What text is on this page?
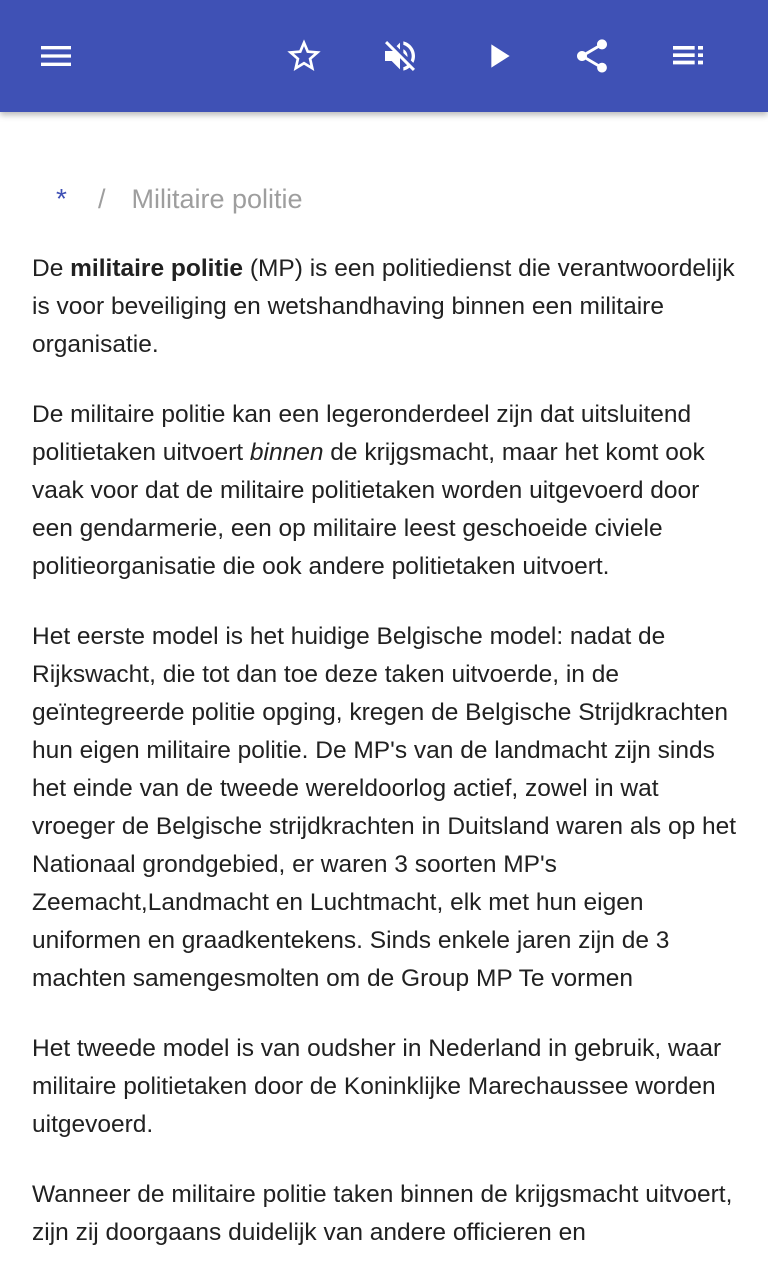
* / Militaire politie

De militaire politie (MP) is een politiedienst die verantwoordelijk is voor beveiliging en wetshandhaving binnen een militaire organisatie.

De militaire politie kan een legeronderdeel zijn dat uitsluitend politietaken uitvoert binnen de krijgsmacht, maar het komt ook vaak voor dat de militaire politietaken worden uitgevoerd door een gendarmerie, een op militaire leest geschoeide civiele politieorganisatie die ook andere politietaken uitvoert.

Het eerste model is het huidige Belgische model: nadat de Rijkswacht, die tot dan toe deze taken uitvoerde, in de geïntegreerde politie opging, kregen de Belgische Strijdkrachten hun eigen militaire politie. De MP's van de landmacht zijn sinds het einde van de tweede wereldoorlog actief, zowel in wat vroeger de Belgische strijdkrachten in Duitsland waren als op het Nationaal grondgebied, er waren 3 soorten MP's Zeemacht,Landmacht en Luchtmacht, elk met hun eigen uniformen en graadkentekens. Sinds enkele jaren zijn de 3 machten samengesmolten om de Group MP Te vormen

Het tweede model is van oudsher in Nederland in gebruik, waar militaire politietaken door de Koninklijke Marechaussee worden uitgevoerd.

Wanneer de militaire politie taken binnen de krijgsmacht uitvoert, zijn zij doorgaans duidelijk van andere officieren en
